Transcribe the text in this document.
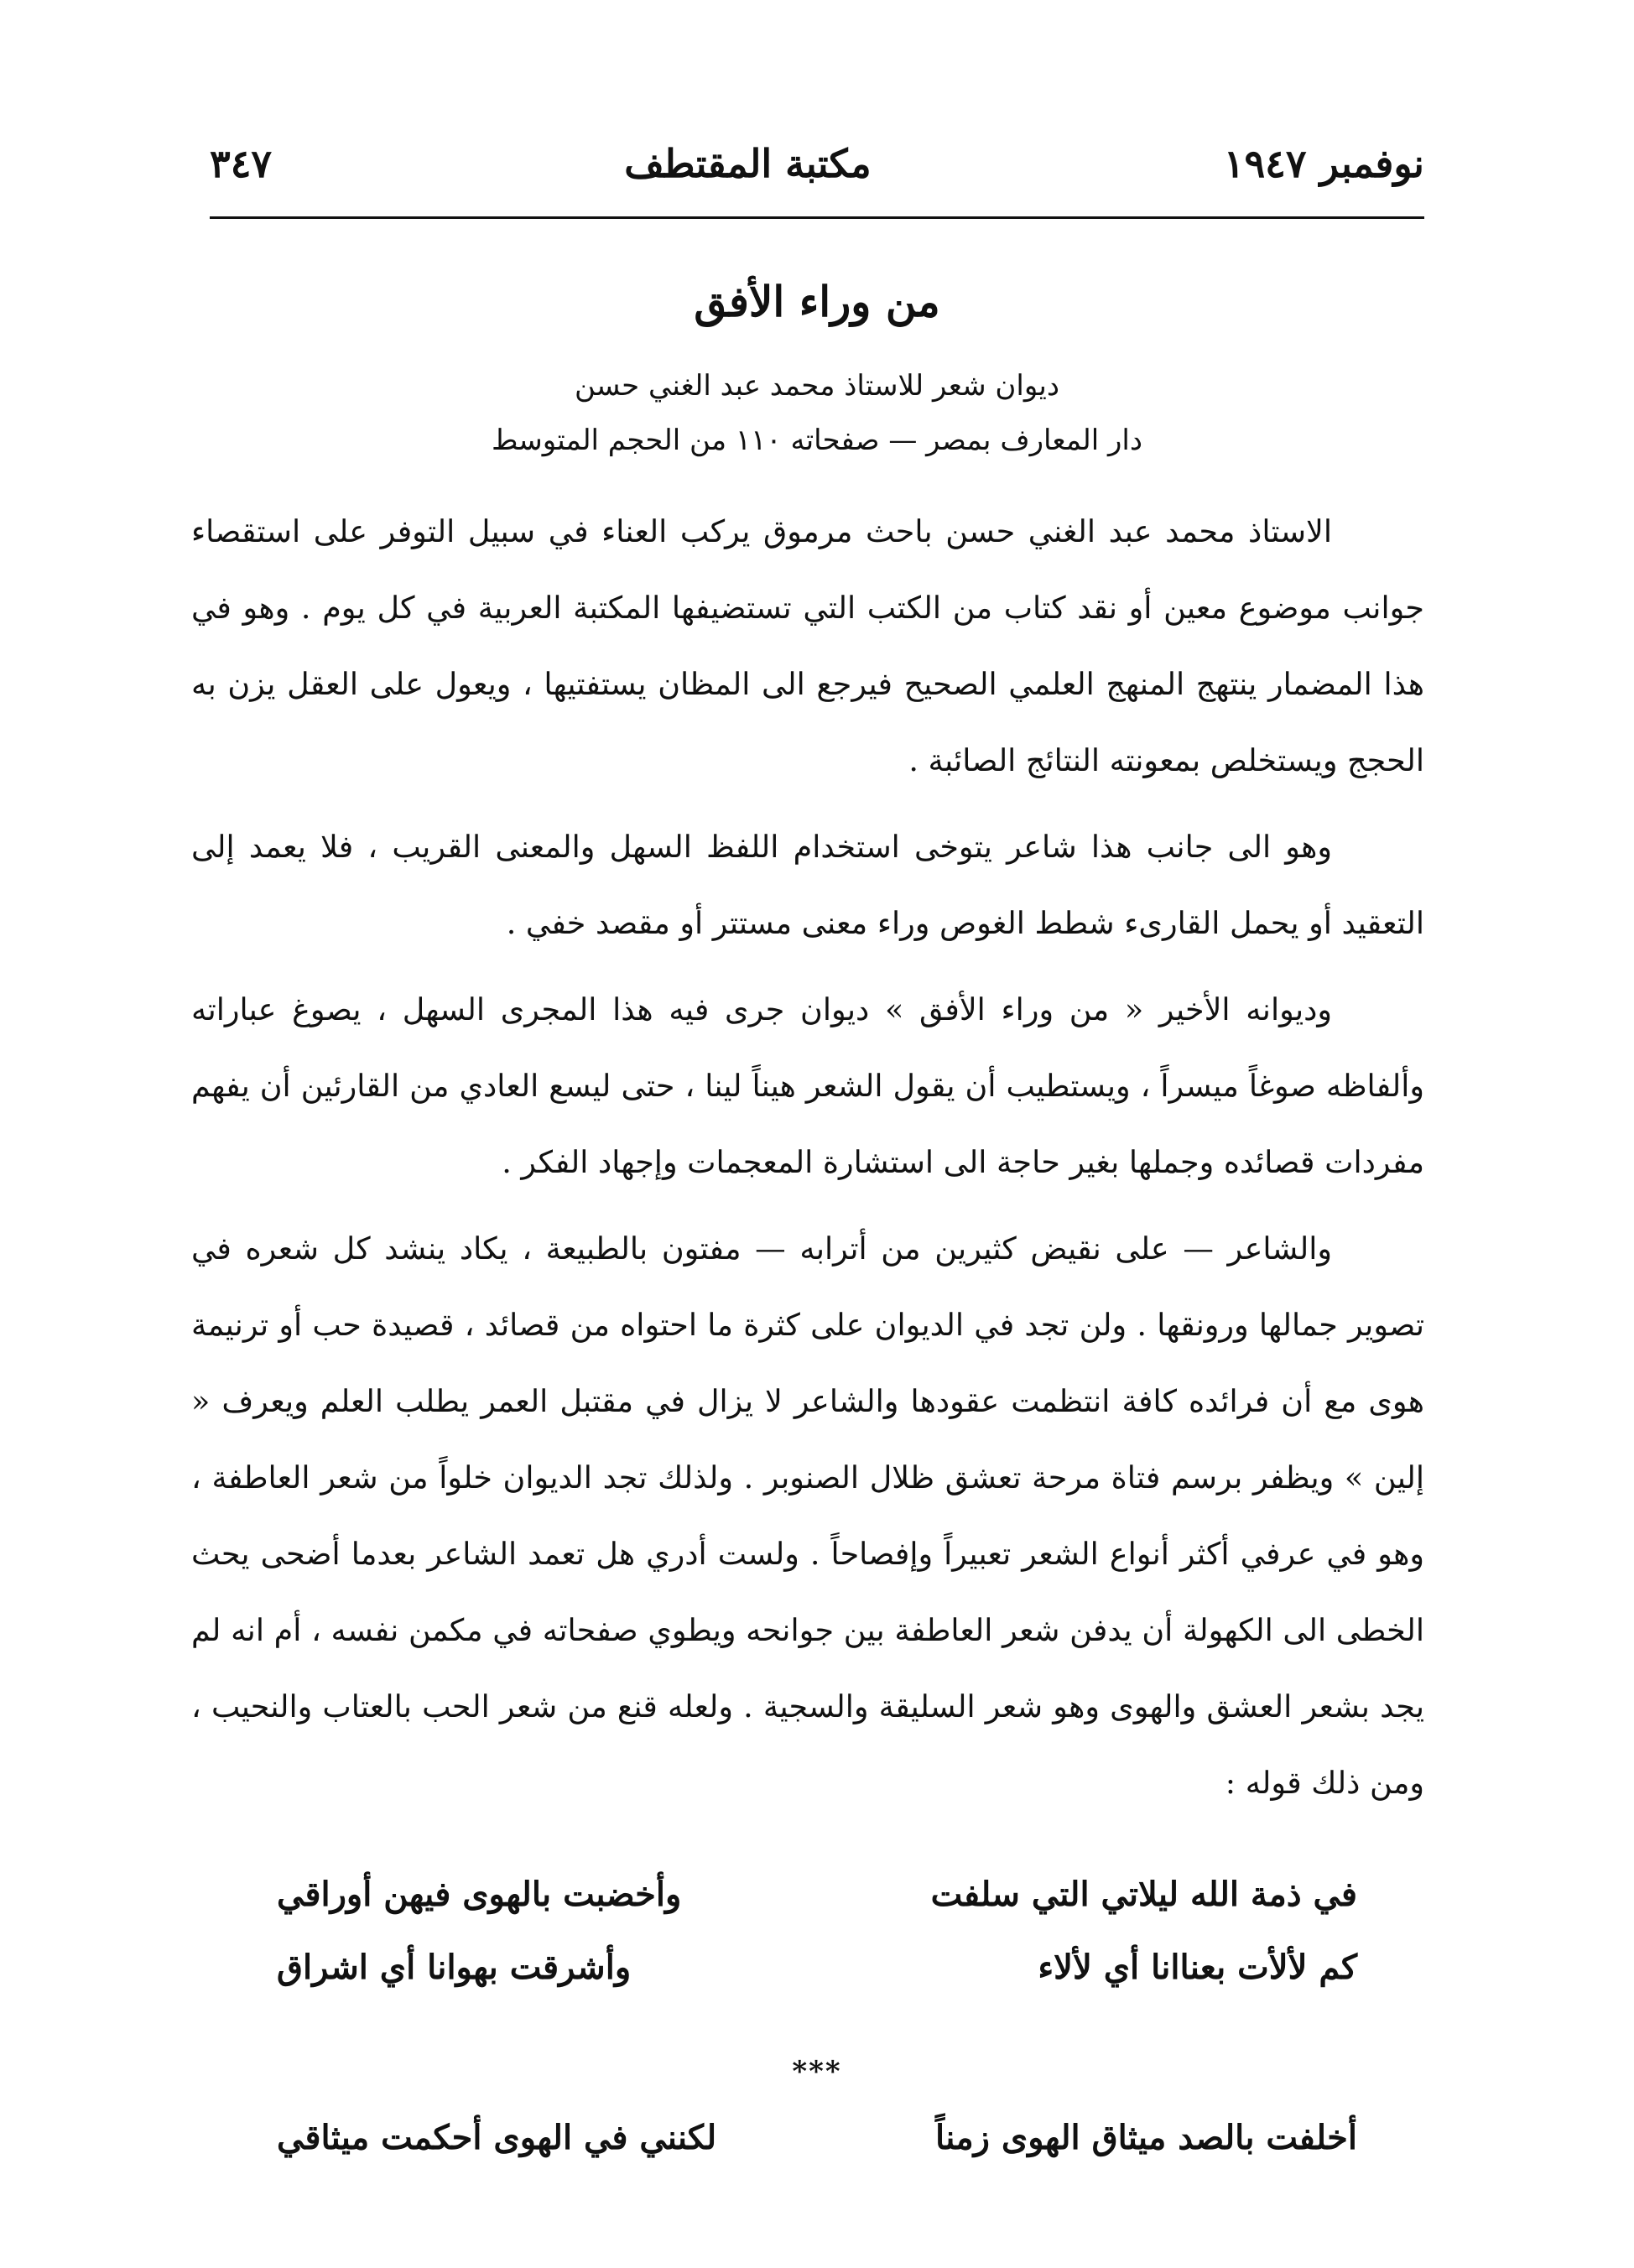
نوفمبر ١٩٤٧
مكتبة المقتطف
٣٤٧
من وراء الأفق
ديوان شعر للاستاذ محمد عبد الغني حسن
دار المعارف بمصر — صفحاته ١١٠ من الحجم المتوسط

الاستاذ محمد عبد الغني حسن باحث مرموق يركب العناء في سبيل التوفر على استقصاء جوانب موضوع معين أو نقد كتاب من الكتب التي تستضيفها المكتبة العربية في كل يوم . وهو في هذا المضمار ينتهج المنهج العلمي الصحيح فيرجع الى المظان يستفتيها ، ويعول على العقل يزن به الحجج ويستخلص بمعونته النتائج الصائبة .

وهو الى جانب هذا شاعر يتوخى استخدام اللفظ السهل والمعنى القريب ، فلا يعمد إلى التعقيد أو يحمل القارىء شطط الغوص وراء معنى مستتر أو مقصد خفي .

وديوانه الأخير « من وراء الأفق » ديوان جرى فيه هذا المجرى السهل ، يصوغ عباراته وألفاظه صوغاً ميسراً ، ويستطيب أن يقول الشعر هيناً لينا ، حتى ليسع العادي من القارئين أن يفهم مفردات قصائده وجملها بغير حاجة الى استشارة المعجمات وإجهاد الفكر .

والشاعر — على نقيض كثيرين من أترابه — مفتون بالطبيعة ، يكاد ينشد كل شعره في تصوير جمالها ورونقها . ولن تجد في الديوان على كثرة ما احتواه من قصائد ، قصيدة حب أو ترنيمة هوى مع أن فرائده كافة انتظمت عقودها والشاعر لا يزال في مقتبل العمر يطلب العلم ويعرف « إلين » ويظفر برسم فتاة مرحة تعشق ظلال الصنوبر . ولذلك تجد الديوان خلواً من شعر العاطفة ، وهو في عرفي أكثر أنواع الشعر تعبيراً وإفصاحاً . ولست أدري هل تعمد الشاعر بعدما أضحى يحث الخطى الى الكهولة أن يدفن شعر العاطفة بين جوانحه ويطوي صفحاته في مكمن نفسه ، أم انه لم يجد بشعر العشق والهوى وهو شعر السليقة والسجية . ولعله قنع من شعر الحب بالعتاب والنحيب ، ومن ذلك قوله :

في ذمة الله ليلاتي التي سلفت
وأخضبت بالهوى فيهن أوراقي
كم لألأت بعناانا أي لألاء
وأشرقت بهوانا أي اشراق
***
أخلفت بالصد ميثاق الهوى زمناً
لكنني في الهوى أحكمت ميثاقي
